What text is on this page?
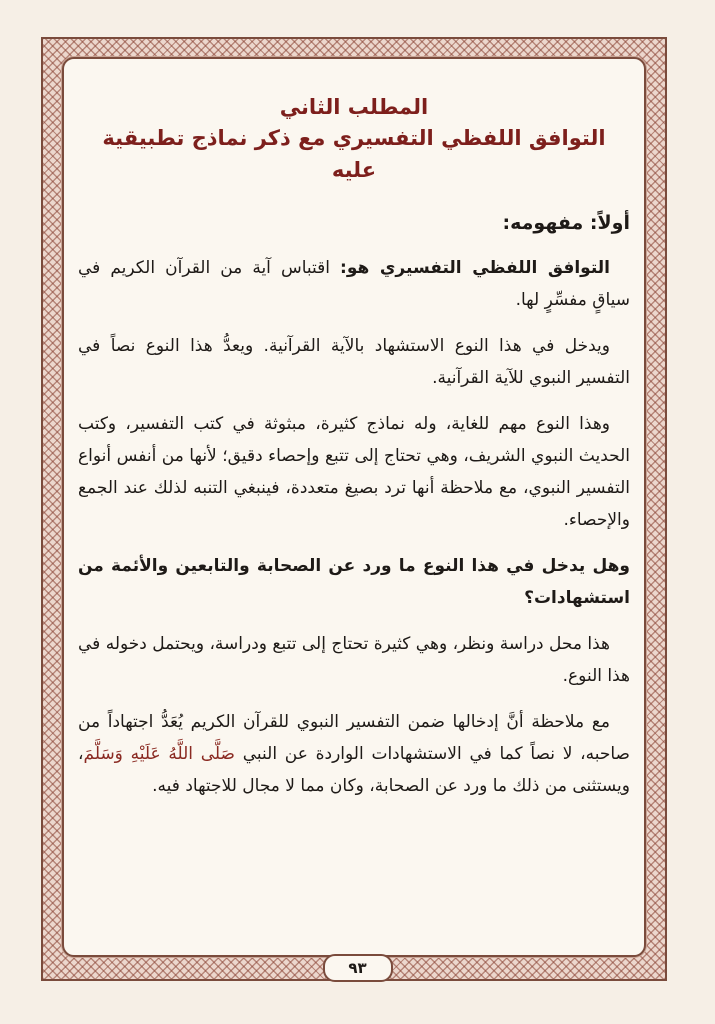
المطلب الثاني
التوافق اللفظي التفسيري مع ذكر نماذج تطبيقية عليه
أولاً: مفهومه:

التوافق اللفظي التفسيري هو: اقتباس آية من القرآن الكريم في سياقٍ مفسِّرٍ لها.

ويدخل في هذا النوع الاستشهاد بالآية القرآنية. ويعدُّ هذا النوع نصاً في التفسير النبوي للآية القرآنية.

وهذا النوع مهم للغاية، وله نماذج كثيرة، مبثوثة في كتب التفسير، وكتب الحديث النبوي الشريف، وهي تحتاج إلى تتبع وإحصاء دقيق؛ لأنها من أنفس أنواع التفسير النبوي، مع ملاحظة أنها ترد بصيغ متعددة، فينبغي التنبه لذلك عند الجمع والإحصاء.

وهل يدخل في هذا النوع ما ورد عن الصحابة والتابعين والأئمة من استشهادات؟

هذا محل دراسة ونظر، وهي كثيرة تحتاج إلى تتبع ودراسة، ويحتمل دخوله في هذا النوع.

مع ملاحظة أنَّ إدخالها ضمن التفسير النبوي للقرآن الكريم يُعَدُّ اجتهاداً من صاحبه، لا نصاً كما في الاستشهادات الواردة عن النبي صَلَّى اللَّهُ عَلَيْهِ وَسَلَّمَ، ويستثنى من ذلك ما ورد عن الصحابة، وكان مما لا مجال للاجتهاد فيه.

٩٣
